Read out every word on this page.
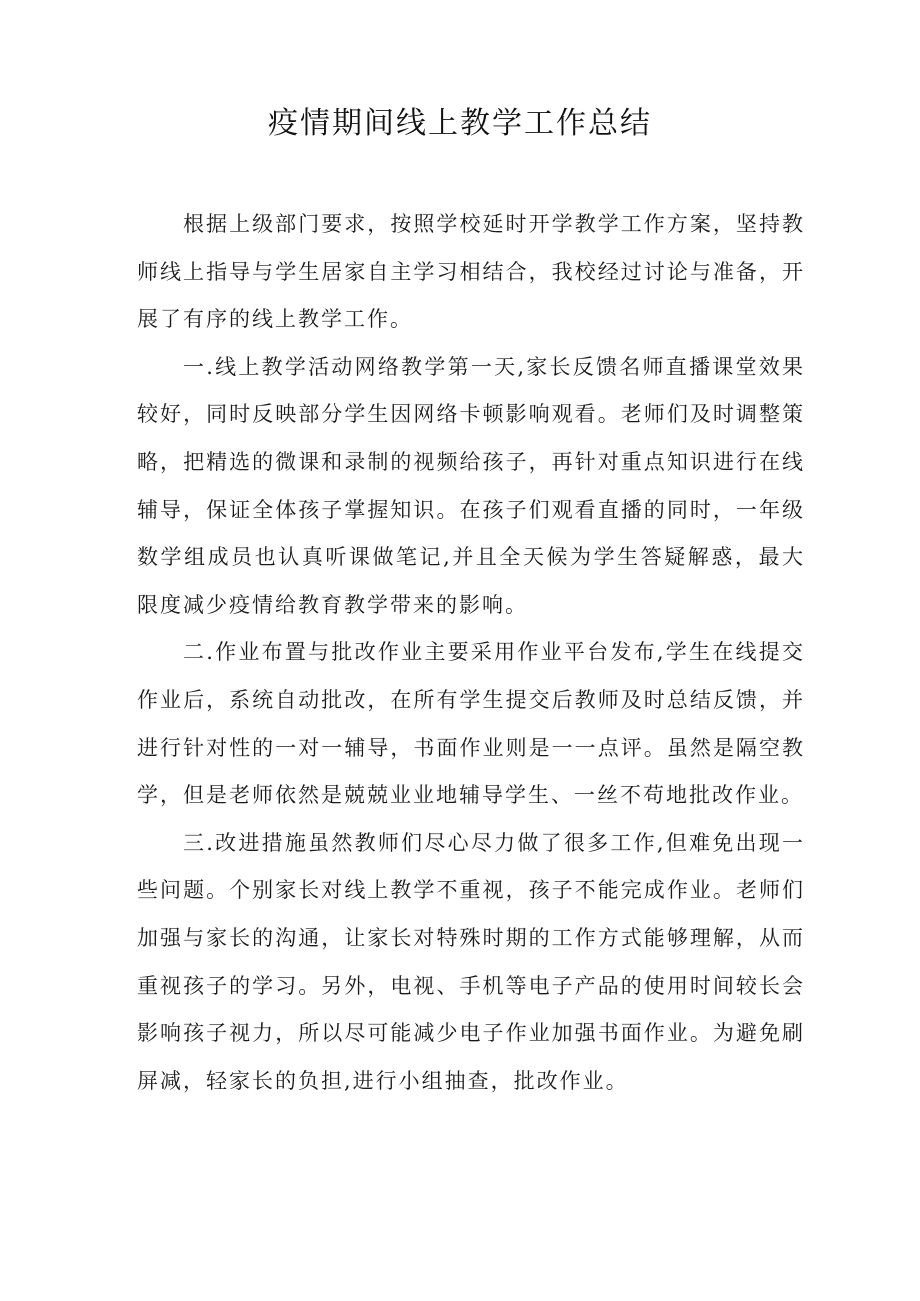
疫情期间线上教学工作总结

根据上级部门要求，按照学校延时开学教学工作方案，坚持教师线上指导与学生居家自主学习相结合，我校经过讨论与准备，开展了有序的线上教学工作。

一.线上教学活动网络教学第一天,家长反馈名师直播课堂效果较好，同时反映部分学生因网络卡顿影响观看。老师们及时调整策略，把精选的微课和录制的视频给孩子，再针对重点知识进行在线辅导，保证全体孩子掌握知识。在孩子们观看直播的同时，一年级数学组成员也认真听课做笔记,并且全天候为学生答疑解惑，最大限度减少疫情给教育教学带来的影响。

二.作业布置与批改作业主要采用作业平台发布,学生在线提交作业后，系统自动批改，在所有学生提交后教师及时总结反馈，并进行针对性的一对一辅导，书面作业则是一一点评。虽然是隔空教学，但是老师依然是兢兢业业地辅导学生、一丝不苟地批改作业。

三.改进措施虽然教师们尽心尽力做了很多工作,但难免出现一些问题。个别家长对线上教学不重视，孩子不能完成作业。老师们加强与家长的沟通，让家长对特殊时期的工作方式能够理解，从而重视孩子的学习。另外，电视、手机等电子产品的使用时间较长会影响孩子视力，所以尽可能减少电子作业加强书面作业。为避免刷屏减，轻家长的负担,进行小组抽查，批改作业。
